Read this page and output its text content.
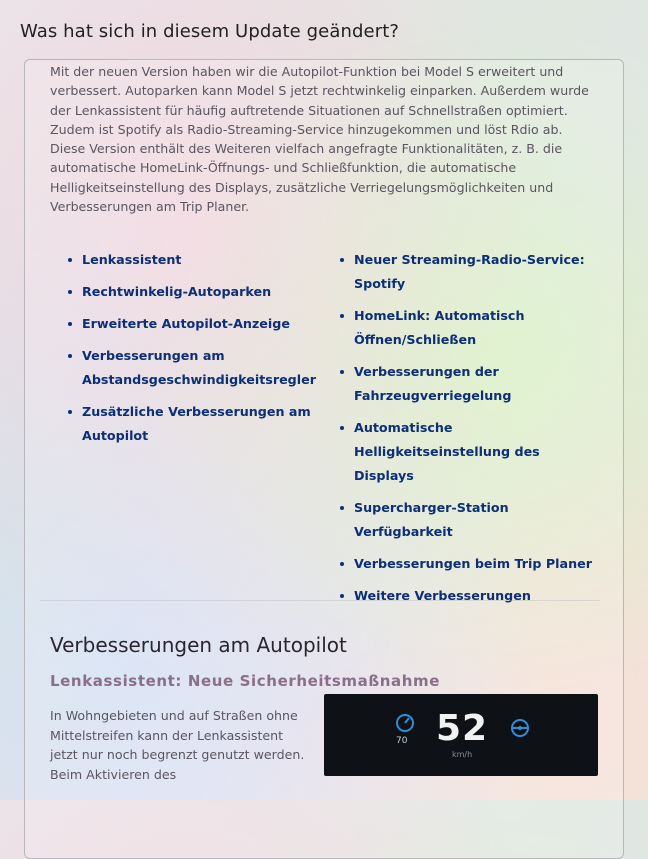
Was hat sich in diesem Update geändert?
Mit der neuen Version haben wir die Autopilot-Funktion bei Model S erweitert und verbessert. Autoparken kann Model S jetzt rechtwinkelig einparken. Außerdem wurde der Lenkassistent für häufig auftretende Situationen auf Schnellstraßen optimiert. Zudem ist Spotify als Radio-Streaming-Service hinzugekommen und löst Rdio ab. Diese Version enthält des Weiteren vielfach angefragte Funktionalitäten, z. B. die automatische HomeLink-Öffnungs- und Schließfunktion, die automatische Helligkeitseinstellung des Displays, zusätzliche Verriegelungsmöglichkeiten und Verbesserungen am Trip Planer.
Lenkassistent
Rechtwinkelig-Autoparken
Erweiterte Autopilot-Anzeige
Verbesserungen am Abstandsgeschwindigkeitsregler
Zusätzliche Verbesserungen am Autopilot
Neuer Streaming-Radio-Service: Spotify
HomeLink: Automatisch Öffnen/Schließen
Verbesserungen der Fahrzeugverriegelung
Automatische Helligkeitseinstellung des Displays
Supercharger-Station Verfügbarkeit
Verbesserungen beim Trip Planer
Weitere Verbesserungen
Verbesserungen am Autopilot
Lenkassistent: Neue Sicherheitsmaßnahme
In Wohngebieten und auf Straßen ohne Mittelstreifen kann der Lenkassistent jetzt nur noch begrenzt genutzt werden. Beim Aktivieren des
70 52
km/h
